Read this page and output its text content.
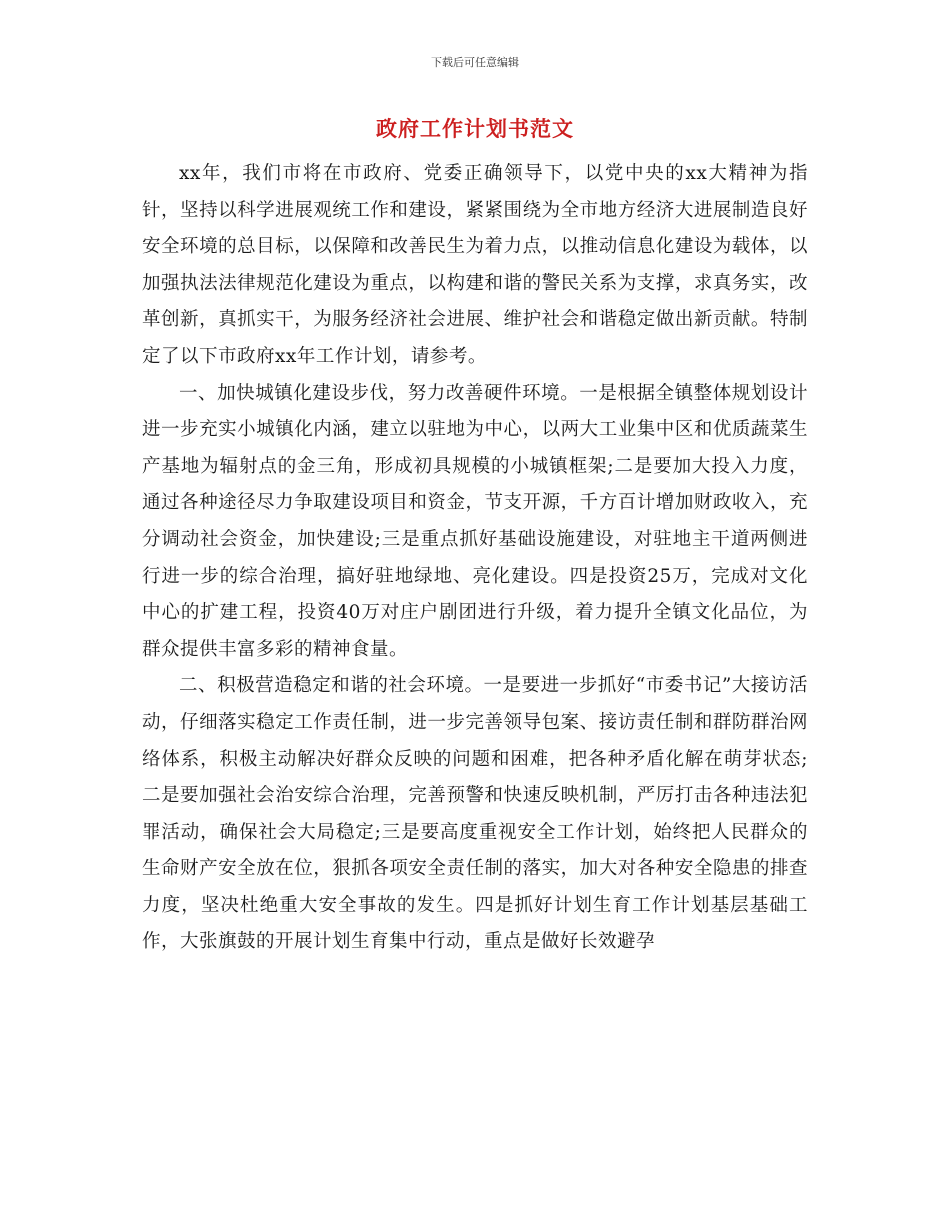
下载后可任意编辑
政府工作计划书范文

xx年，我们市将在市政府、党委正确领导下，以党中央的xx大精神为指针，坚持以科学进展观统工作和建设，紧紧围绕为全市地方经济大进展制造良好安全环境的总目标，以保障和改善民生为着力点，以推动信息化建设为载体，以加强执法法律规范化建设为重点，以构建和谐的警民关系为支撑，求真务实，改革创新，真抓实干，为服务经济社会进展、维护社会和谐稳定做出新贡献。特制定了以下市政府xx年工作计划，请参考。

一、加快城镇化建设步伐，努力改善硬件环境。一是根据全镇整体规划设计进一步充实小城镇化内涵，建立以驻地为中心，以两大工业集中区和优质蔬菜生产基地为辐射点的金三角，形成初具规模的小城镇框架;二是要加大投入力度，通过各种途径尽力争取建设项目和资金，节支开源，千方百计增加财政收入，充分调动社会资金，加快建设;三是重点抓好基础设施建设，对驻地主干道两侧进行进一步的综合治理，搞好驻地绿地、亮化建设。四是投资25万，完成对文化中心的扩建工程，投资40万对庄户剧团进行升级，着力提升全镇文化品位，为群众提供丰富多彩的精神食量。

二、积极营造稳定和谐的社会环境。一是要进一步抓好“市委书记”大接访活动，仔细落实稳定工作责任制，进一步完善领导包案、接访责任制和群防群治网络体系，积极主动解决好群众反映的问题和困难，把各种矛盾化解在萌芽状态;二是要加强社会治安综合治理，完善预警和快速反映机制，严厉打击各种违法犯罪活动，确保社会大局稳定;三是要高度重视安全工作计划，始终把人民群众的生命财产安全放在位，狠抓各项安全责任制的落实，加大对各种安全隐患的排查力度，坚决杜绝重大安全事故的发生。四是抓好计划生育工作计划基层基础工作，大张旗鼓的开展计划生育集中行动，重点是做好长效避孕
